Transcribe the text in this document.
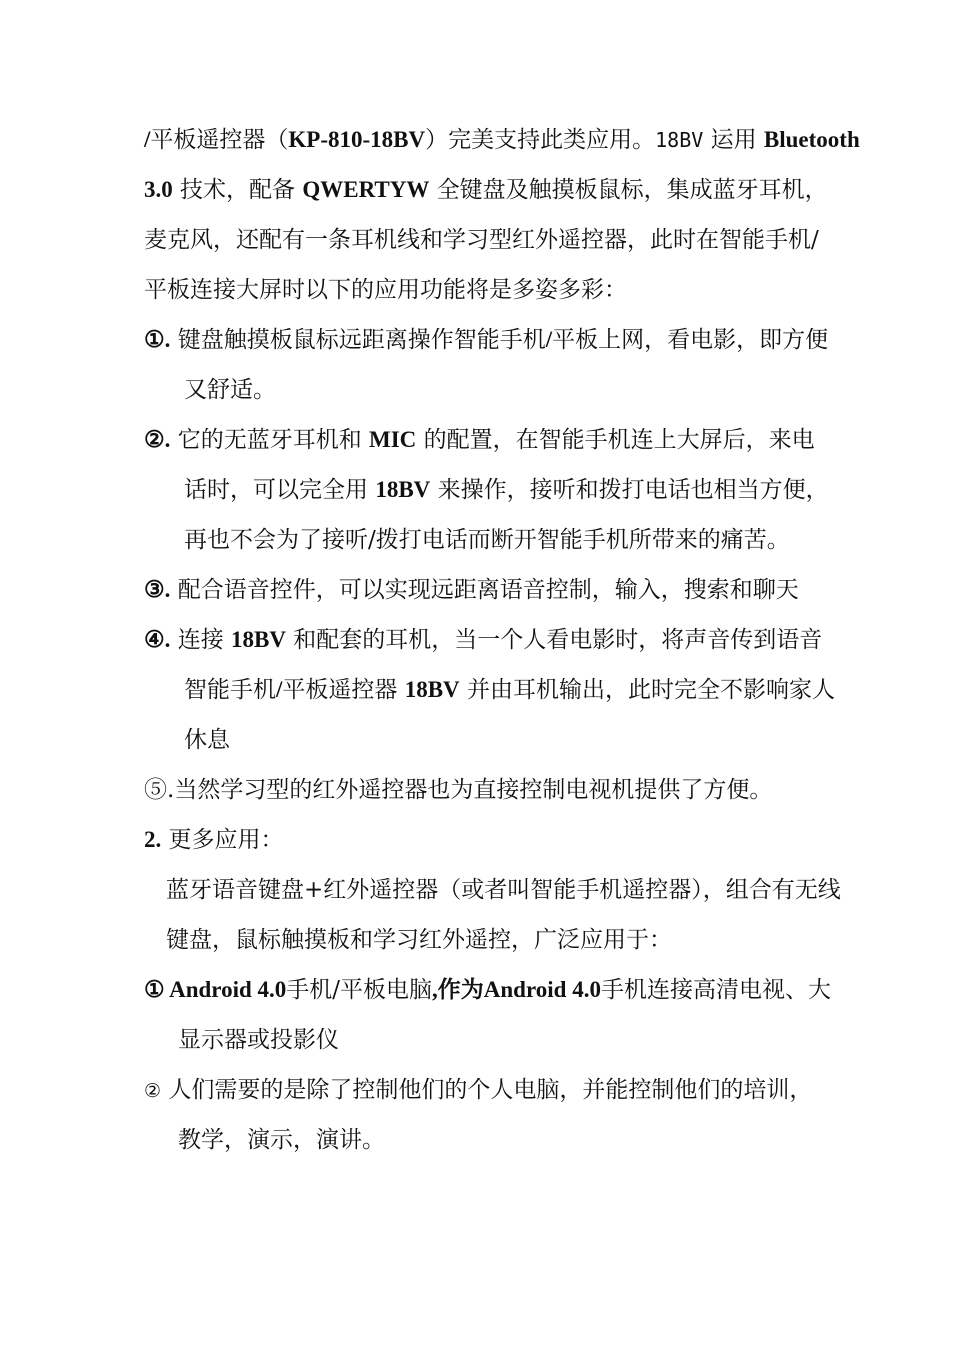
/平板遥控器（KP-810-18BV）完美支持此类应用。18BV 运用 Bluetooth
3.0 技术，配备 QWERTYW 全键盘及触摸板鼠标，集成蓝牙耳机，
麦克风，还配有一条耳机线和学习型红外遥控器，此时在智能手机/
平板连接大屏时以下的应用功能将是多姿多彩：
①. 键盘触摸板鼠标远距离操作智能手机/平板上网，看电影，即方便
又舒适。
②. 它的无蓝牙耳机和 MIC 的配置，在智能手机连上大屏后，来电
话时，可以完全用 18BV 来操作，接听和拨打电话也相当方便，
再也不会为了接听/拨打电话而断开智能手机所带来的痛苦。
③. 配合语音控件，可以实现远距离语音控制，输入，搜索和聊天
④. 连接 18BV 和配套的耳机，当一个人看电影时，将声音传到语音
智能手机/平板遥控器 18BV 并由耳机输出，此时完全不影响家人
休息
⑤.当然学习型的红外遥控器也为直接控制电视机提供了方便。
2. 更多应用：
蓝牙语音键盘+红外遥控器（或者叫智能手机遥控器），组合有无线
键盘，鼠标触摸板和学习红外遥控，广泛应用于：
① Android 4.0手机/平板电脑,作为Android 4.0手机连接高清电视、大
显示器或投影仪
② 人们需要的是除了控制他们的个人电脑，并能控制他们的培训，
教学，演示，演讲。
